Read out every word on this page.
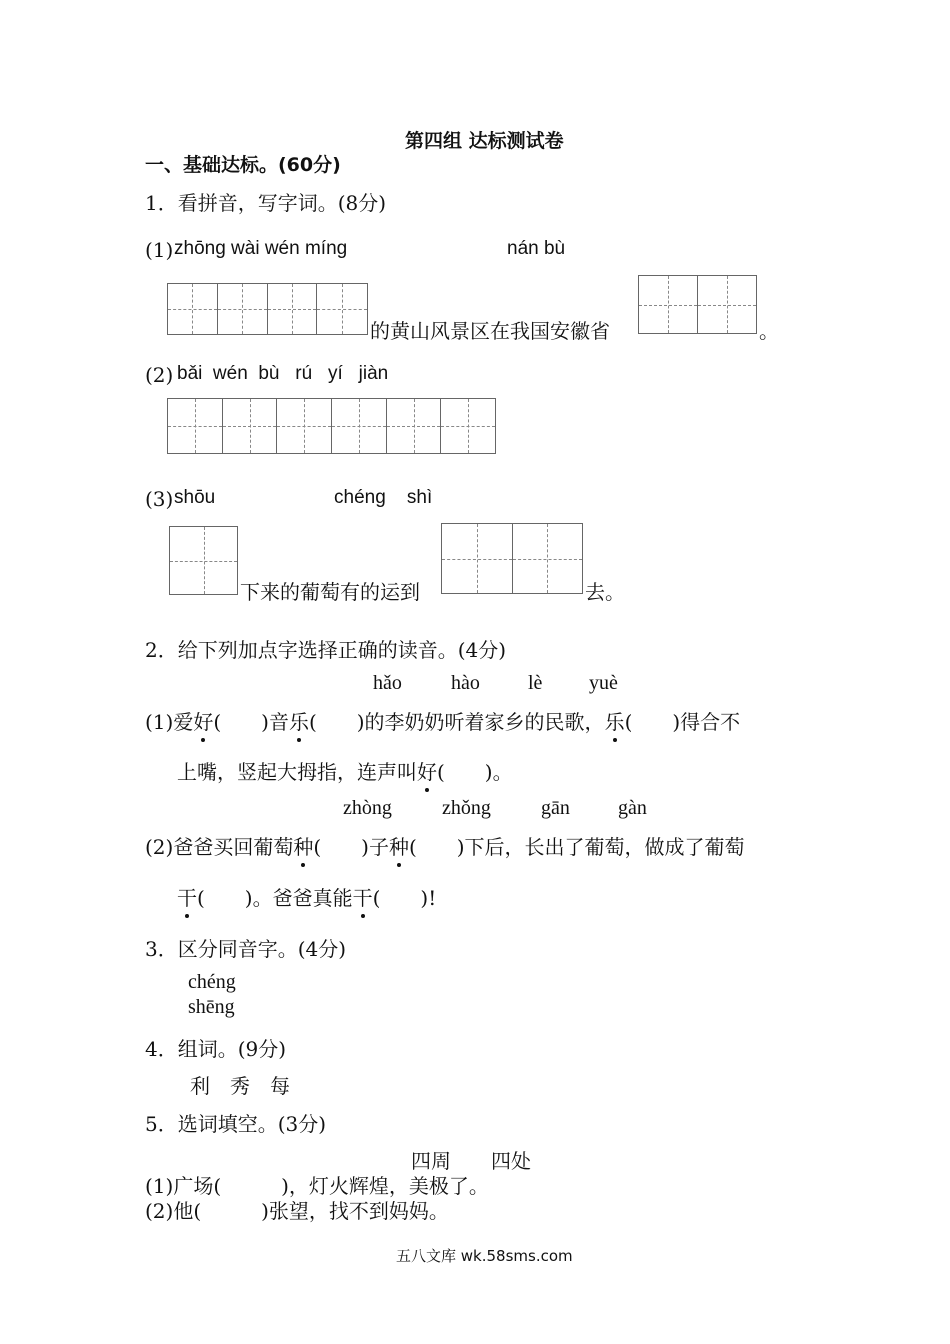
第四组 达标测试卷
一、基础达标。(60分)
1．看拼音，写字词。(8分)
(1) zhōng wài wén míng	nán bù
的黄山风景区在我国安徽省	。
(2) bǎi  wén  bù   rú   yí   jiàn
(3) shōu	chéng    shì
下来的葡萄有的运到	去。
2．给下列加点字选择正确的读音。(4分)
hǎo hào lè yuè
(1)爱好(　　)音乐(　　)的李奶奶听着家乡的民歌，乐(　　)得合不
上嘴，竖起大拇指，连声叫好(　　)。
zhòng	zhǒng	gān gàn
(2)爸爸买回葡萄种(　　)子种(　　)下后，长出了葡萄，做成了葡萄
干(　　)。爸爸真能干(　　)!
3．区分同音字。(4分)
chéng
shēng
4．组词。(9分)
利　秀　每
5．选词填空。(3分)
四周　　四处
(1)广场(　　　)，灯火辉煌，美极了。
(2)他(　　　)张望，找不到妈妈。
五八文库 wk.58sms.com
